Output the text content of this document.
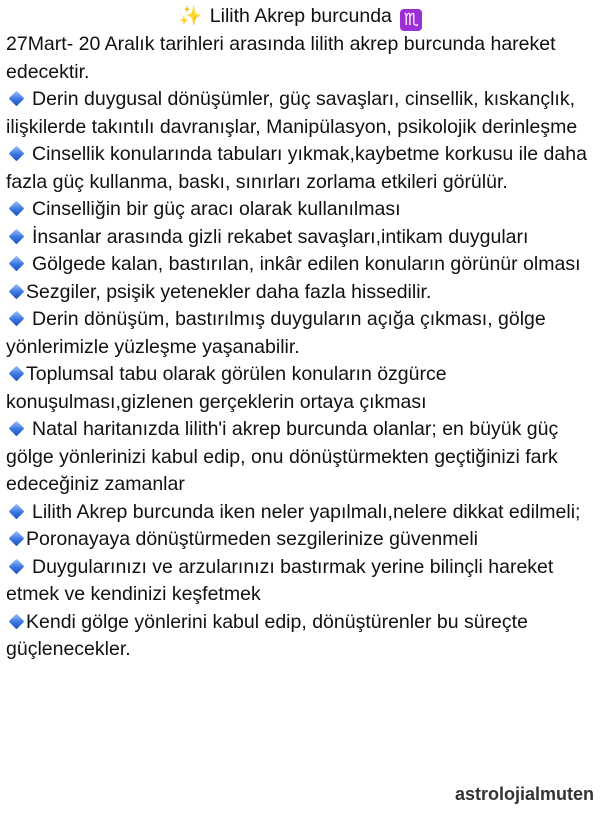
✨ Lilith Akrep burcunda ♏

27Mart- 20 Aralık tarihleri arasında lilith akrep burcunda hareket edecektir.

Derin duygusal dönüşümler, güç savaşları, cinsellik, kıskançlık, ilişkilerde takıntılı davranışlar, Manipülasyon, psikolojik derinleşme

Cinsellik konularında tabuları yıkmak,kaybetme korkusu ile daha fazla güç kullanma, baskı, sınırları zorlama etkileri görülür.

Cinselliğin bir güç aracı olarak kullanılması

İnsanlar arasında gizli rekabet savaşları,intikam duyguları

Gölgede kalan, bastırılan, inkâr edilen konuların görünür olması

Sezgiler, psişik yetenekler daha fazla hissedilir.

Derin dönüşüm, bastırılmış duyguların açığa çıkması, gölge yönlerimizle yüzleşme yaşanabilir.

Toplumsal tabu olarak görülen konuların özgürce konuşulması,gizlenen gerçeklerin ortaya çıkması

Natal haritanızda lilith'i akrep burcunda olanlar; en büyük güç gölge yönlerinizi kabul edip, onu dönüştürmekten geçtiğinizi fark edeceğiniz zamanlar

Lilith Akrep burcunda iken neler yapılmalı,nelere dikkat edilmeli;

Poronayaya dönüştürmeden sezgilerinize güvenmeli

Duygularınızı ve arzularınızı bastırmak yerine bilinçli hareket etmek ve kendinizi keşfetmek

Kendi gölge yönlerini kabul edip, dönüştürenler bu süreçte güçlenecekler.

astrolojialmuten
